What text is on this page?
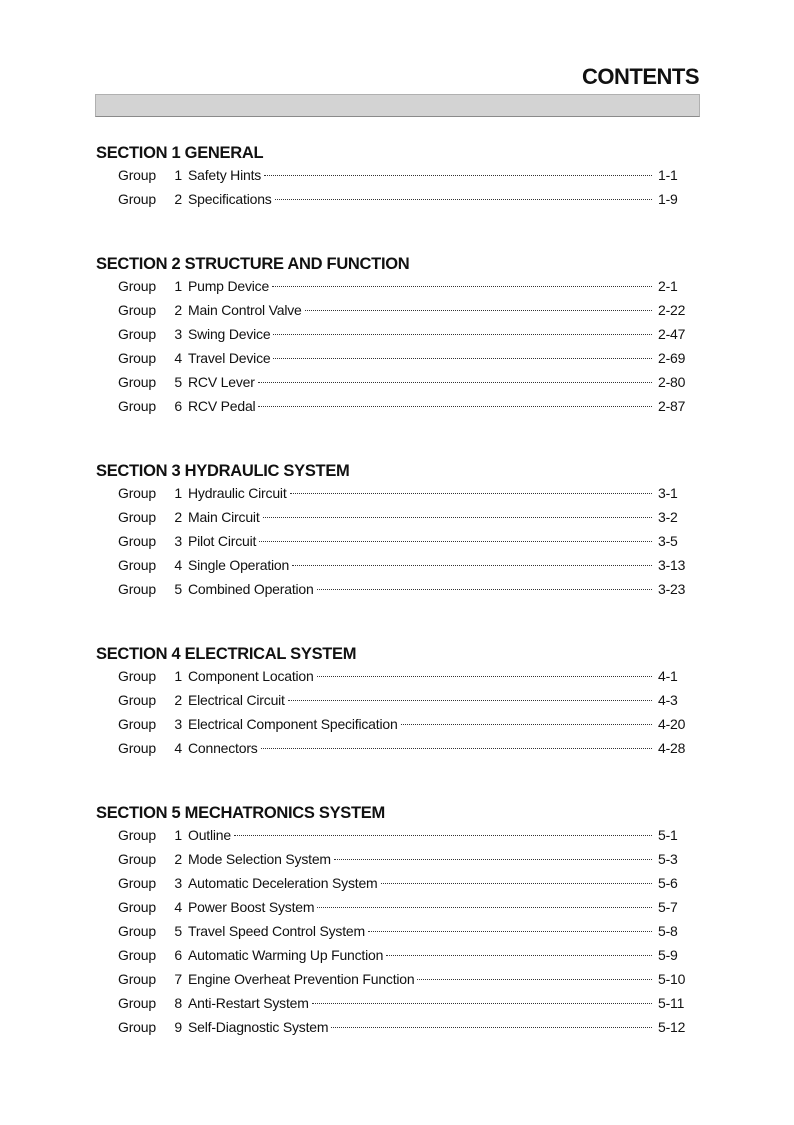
CONTENTS
SECTION 1 GENERAL
Group	1 Safety Hints	1-1
Group	2 Specifications	1-9
SECTION 2 STRUCTURE AND FUNCTION
Group	1 Pump Device	2-1
Group	2 Main Control Valve	2-22
Group	3 Swing Device	2-47
Group	4 Travel Device	2-69
Group	5 RCV Lever	2-80
Group	6 RCV Pedal	2-87
SECTION 3 HYDRAULIC SYSTEM
Group	1 Hydraulic Circuit	3-1
Group	2 Main Circuit	3-2
Group	3 Pilot Circuit	3-5
Group	4 Single Operation	3-13
Group	5 Combined Operation	3-23
SECTION 4 ELECTRICAL SYSTEM
Group	1 Component Location	4-1
Group	2 Electrical Circuit	4-3
Group	3 Electrical Component Specification	4-20
Group	4 Connectors	4-28
SECTION 5 MECHATRONICS SYSTEM
Group	1 Outline	5-1
Group	2 Mode Selection System	5-3
Group	3 Automatic Deceleration System	5-6
Group	4 Power Boost System	5-7
Group	5 Travel Speed Control System	5-8
Group	6 Automatic Warming Up Function	5-9
Group	7 Engine Overheat Prevention Function	5-10
Group	8 Anti-Restart System	5-11
Group	9 Self-Diagnostic System	5-12
